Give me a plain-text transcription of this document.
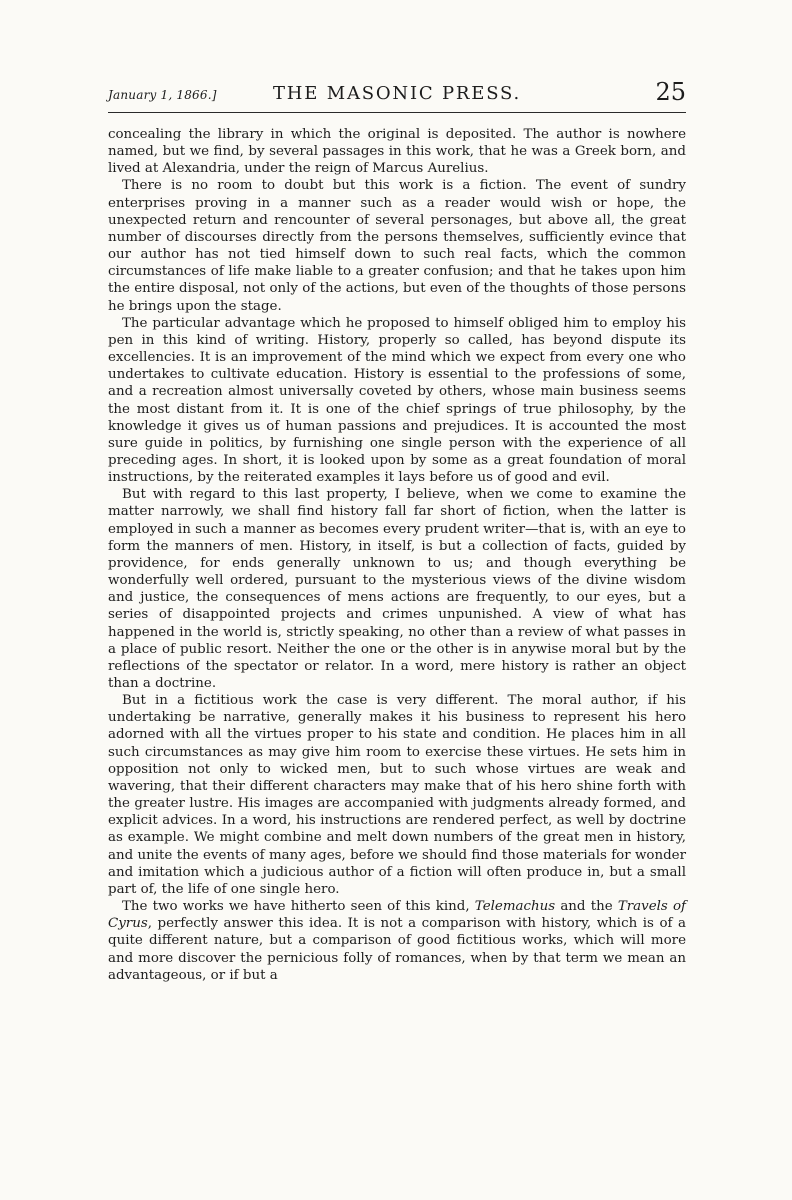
January 1, 1866.]	THE MASONIC PRESS.	25

concealing the library in which the original is deposited. The author is nowhere named, but we find, by several passages in this work, that he was a Greek born, and lived at Alexandria, under the reign of Marcus Aurelius.

There is no room to doubt but this work is a fiction. The event of sundry enterprises proving in a manner such as a reader would wish or hope, the unexpected return and rencounter of several personages, but above all, the great number of discourses directly from the persons themselves, sufficiently evince that our author has not tied himself down to such real facts, which the common circumstances of life make liable to a greater confusion; and that he takes upon him the entire disposal, not only of the actions, but even of the thoughts of those persons he brings upon the stage.

The particular advantage which he proposed to himself obliged him to employ his pen in this kind of writing. History, properly so called, has beyond dispute its excellencies. It is an improvement of the mind which we expect from every one who undertakes to cultivate education. History is essential to the professions of some, and a recreation almost universally coveted by others, whose main business seems the most distant from it. It is one of the chief springs of true philosophy, by the knowledge it gives us of human passions and prejudices. It is accounted the most sure guide in politics, by furnishing one single person with the experience of all preceding ages. In short, it is looked upon by some as a great foundation of moral instructions, by the reiterated examples it lays before us of good and evil.

But with regard to this last property, I believe, when we come to examine the matter narrowly, we shall find history fall far short of fiction, when the latter is employed in such a manner as becomes every prudent writer—that is, with an eye to form the manners of men. History, in itself, is but a collection of facts, guided by providence, for ends generally unknown to us; and though everything be wonderfully well ordered, pursuant to the mysterious views of the divine wisdom and justice, the consequences of mens actions are frequently, to our eyes, but a series of disappointed projects and crimes unpunished. A view of what has happened in the world is, strictly speaking, no other than a review of what passes in a place of public resort. Neither the one or the other is in anywise moral but by the reflections of the spectator or relator. In a word, mere history is rather an object than a doctrine.

But in a fictitious work the case is very different. The moral author, if his undertaking be narrative, generally makes it his business to represent his hero adorned with all the virtues proper to his state and condition. He places him in all such circumstances as may give him room to exercise these virtues. He sets him in opposition not only to wicked men, but to such whose virtues are weak and wavering, that their different characters may make that of his hero shine forth with the greater lustre. His images are accompanied with judgments already formed, and explicit advices. In a word, his instructions are rendered perfect, as well by doctrine as example. We might combine and melt down numbers of the great men in history, and unite the events of many ages, before we should find those materials for wonder and imitation which a judicious author of a fiction will often produce in, but a small part of, the life of one single hero.

The two works we have hitherto seen of this kind, Telemachus and the Travels of Cyrus, perfectly answer this idea. It is not a comparison with history, which is of a quite different nature, but a comparison of good fictitious works, which will more and more discover the pernicious folly of romances, when by that term we mean an advantageous, or if but a
